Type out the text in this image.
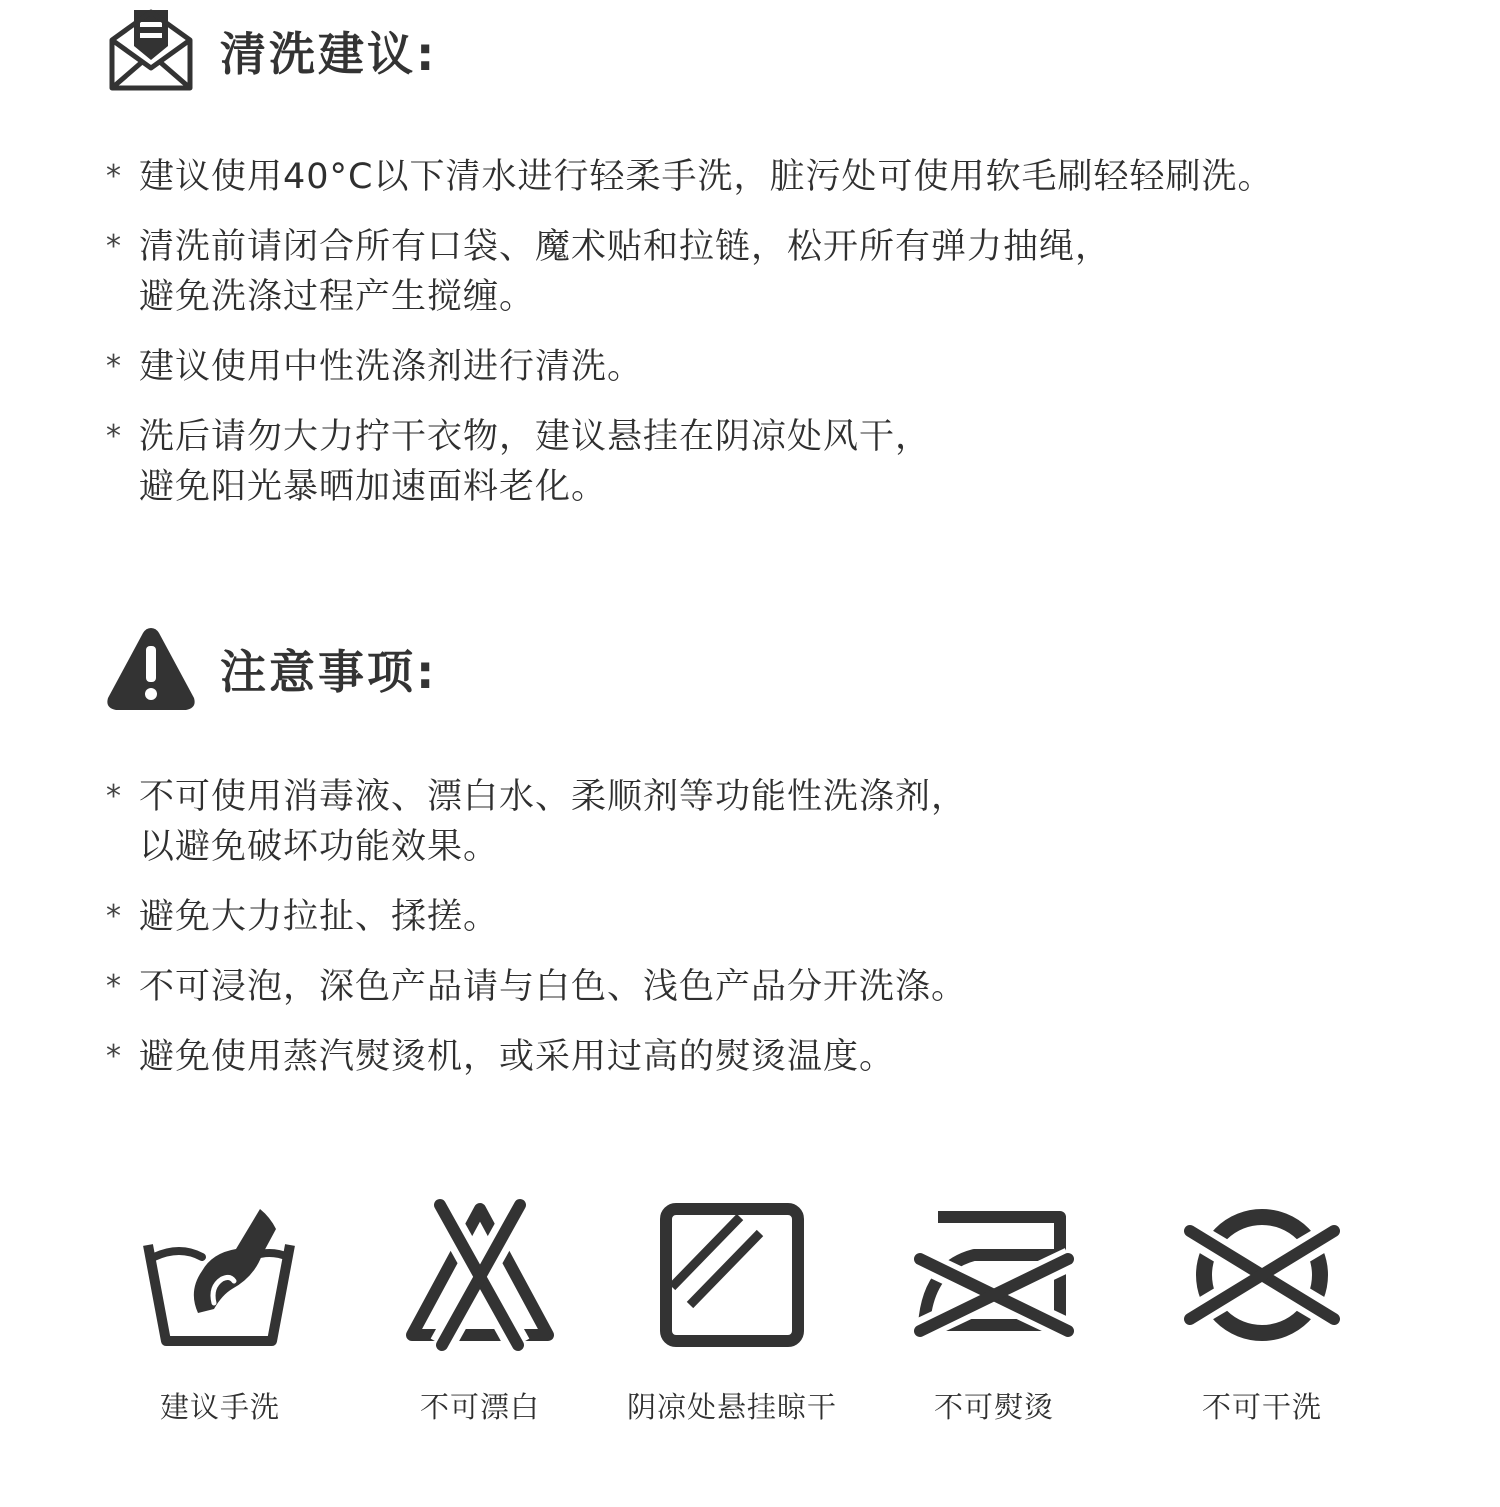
清洗建议:
* 建议使用40°C以下清水进行轻柔手洗，脏污处可使用软毛刷轻轻刷洗。
* 清洗前请闭合所有口袋、魔术贴和拉链，松开所有弹力抽绳，
避免洗涤过程产生搅缠。
* 建议使用中性洗涤剂进行清洗。
* 洗后请勿大力拧干衣物，建议悬挂在阴凉处风干，
避免阳光暴晒加速面料老化。
注意事项:
* 不可使用消毒液、漂白水、柔顺剂等功能性洗涤剂，
以避免破坏功能效果。
* 避免大力拉扯、揉搓。
* 不可浸泡，深色产品请与白色、浅色产品分开洗涤。
* 避免使用蒸汽熨烫机，或采用过高的熨烫温度。
建议手洗	不可漂白	阴凉处悬挂晾干	不可熨烫	不可干洗
